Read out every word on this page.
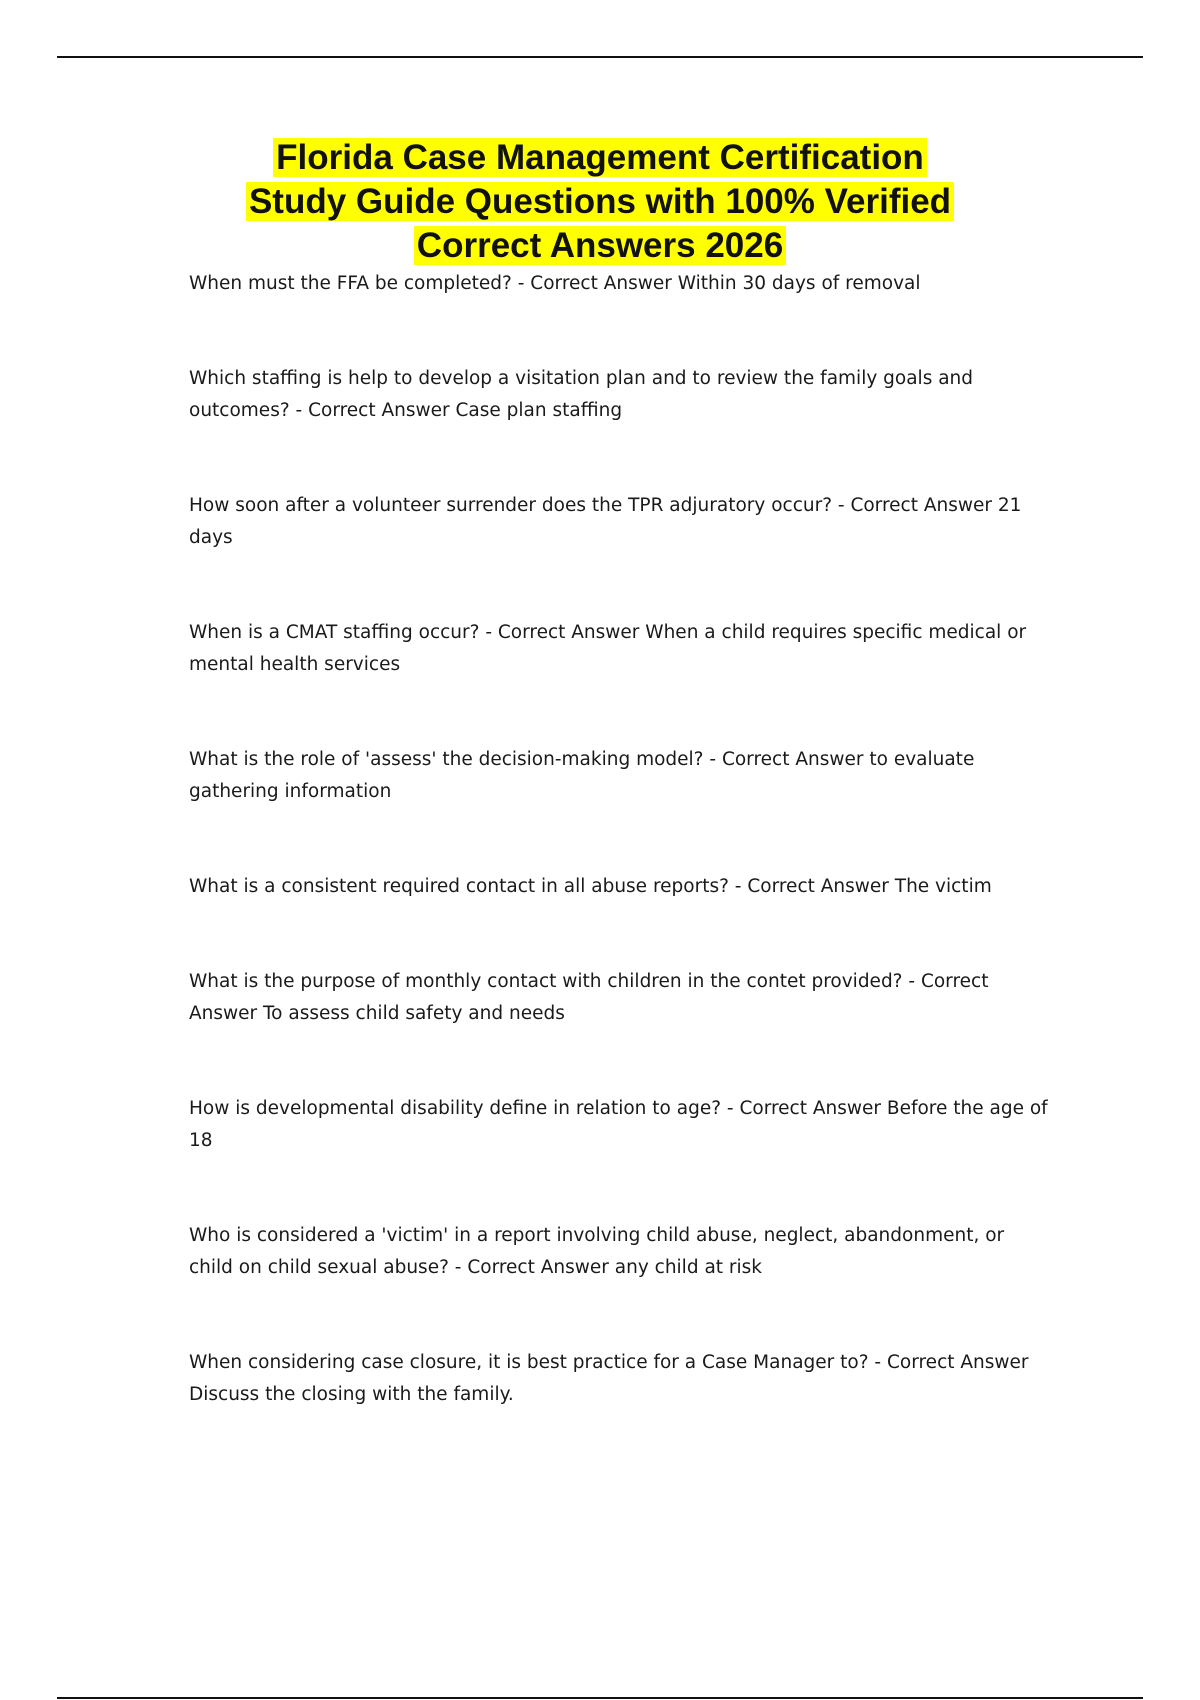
Florida Case Management Certification
Study Guide Questions with 100% Verified
Correct Answers 2026
When must the FFA be completed? - Correct Answer Within 30 days of removal
Which staffing is help to develop a visitation plan and to review the family goals and outcomes? - Correct Answer Case plan staffing
How soon after a volunteer surrender does the TPR adjuratory occur? - Correct Answer 21 days
When is a CMAT staffing occur? - Correct Answer When a child requires specific medical or mental health services
What is the role of 'assess' the decision-making model? - Correct Answer to evaluate gathering information
What is a consistent required contact in all abuse reports? - Correct Answer The victim
What is the purpose of monthly contact with children in the contet provided? - Correct Answer To assess child safety and needs
How is developmental disability define in relation to age? - Correct Answer Before the age of 18
Who is considered a 'victim' in a report involving child abuse, neglect, abandonment, or child on child sexual abuse? - Correct Answer any child at risk
When considering case closure, it is best practice for a Case Manager to? - Correct Answer Discuss the closing with the family.
